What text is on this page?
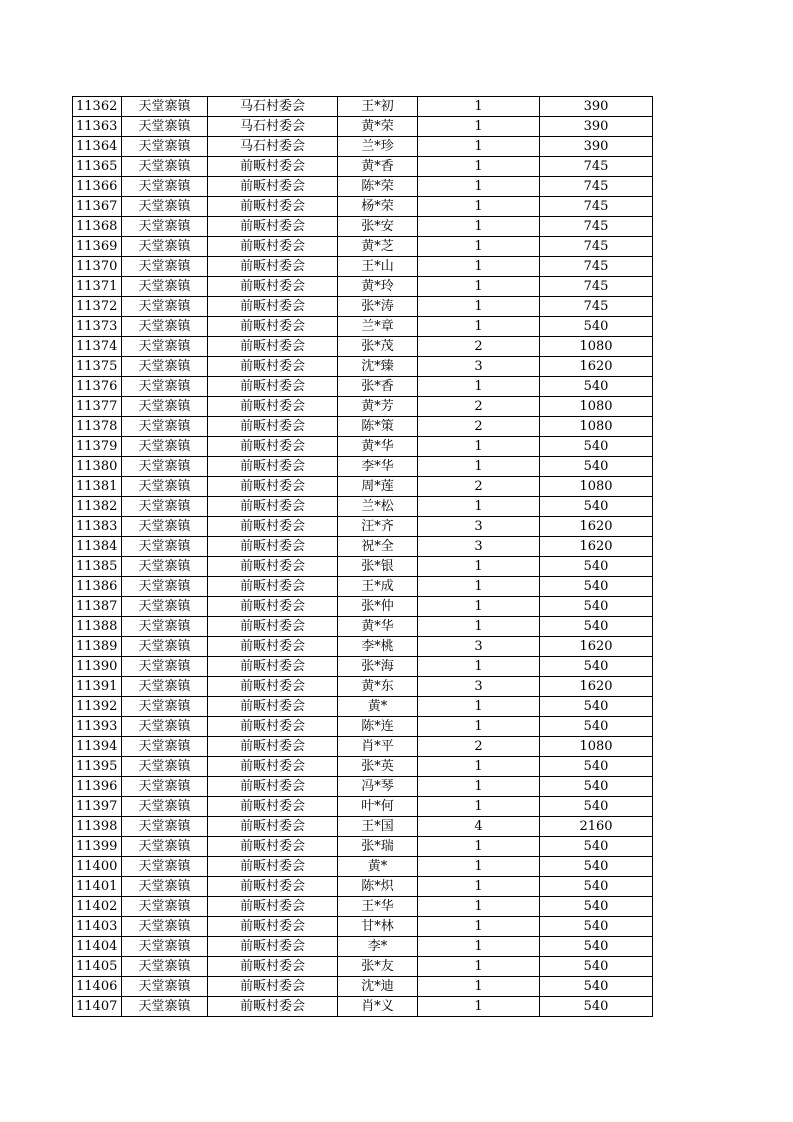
11362	天堂寨镇	马石村委会	王*初	1	390
11363	天堂寨镇	马石村委会	黄*荣	1	390
11364	天堂寨镇	马石村委会	兰*珍	1	390
11365	天堂寨镇	前畈村委会	黄*香	1	745
11366	天堂寨镇	前畈村委会	陈*荣	1	745
11367	天堂寨镇	前畈村委会	杨*荣	1	745
11368	天堂寨镇	前畈村委会	张*安	1	745
11369	天堂寨镇	前畈村委会	黄*芝	1	745
11370	天堂寨镇	前畈村委会	王*山	1	745
11371	天堂寨镇	前畈村委会	黄*玲	1	745
11372	天堂寨镇	前畈村委会	张*涛	1	745
11373	天堂寨镇	前畈村委会	兰*章	1	540
11374	天堂寨镇	前畈村委会	张*茂	2	1080
11375	天堂寨镇	前畈村委会	沈*臻	3	1620
11376	天堂寨镇	前畈村委会	张*香	1	540
11377	天堂寨镇	前畈村委会	黄*芳	2	1080
11378	天堂寨镇	前畈村委会	陈*策	2	1080
11379	天堂寨镇	前畈村委会	黄*华	1	540
11380	天堂寨镇	前畈村委会	李*华	1	540
11381	天堂寨镇	前畈村委会	周*莲	2	1080
11382	天堂寨镇	前畈村委会	兰*松	1	540
11383	天堂寨镇	前畈村委会	汪*齐	3	1620
11384	天堂寨镇	前畈村委会	祝*全	3	1620
11385	天堂寨镇	前畈村委会	张*银	1	540
11386	天堂寨镇	前畈村委会	王*成	1	540
11387	天堂寨镇	前畈村委会	张*仲	1	540
11388	天堂寨镇	前畈村委会	黄*华	1	540
11389	天堂寨镇	前畈村委会	李*桃	3	1620
11390	天堂寨镇	前畈村委会	张*海	1	540
11391	天堂寨镇	前畈村委会	黄*东	3	1620
11392	天堂寨镇	前畈村委会	黄*	1	540
11393	天堂寨镇	前畈村委会	陈*连	1	540
11394	天堂寨镇	前畈村委会	肖*平	2	1080
11395	天堂寨镇	前畈村委会	张*英	1	540
11396	天堂寨镇	前畈村委会	冯*琴	1	540
11397	天堂寨镇	前畈村委会	叶*何	1	540
11398	天堂寨镇	前畈村委会	王*国	4	2160
11399	天堂寨镇	前畈村委会	张*瑞	1	540
11400	天堂寨镇	前畈村委会	黄*	1	540
11401	天堂寨镇	前畈村委会	陈*炽	1	540
11402	天堂寨镇	前畈村委会	王*华	1	540
11403	天堂寨镇	前畈村委会	甘*林	1	540
11404	天堂寨镇	前畈村委会	李*	1	540
11405	天堂寨镇	前畈村委会	张*友	1	540
11406	天堂寨镇	前畈村委会	沈*迪	1	540
11407	天堂寨镇	前畈村委会	肖*义	1	540
